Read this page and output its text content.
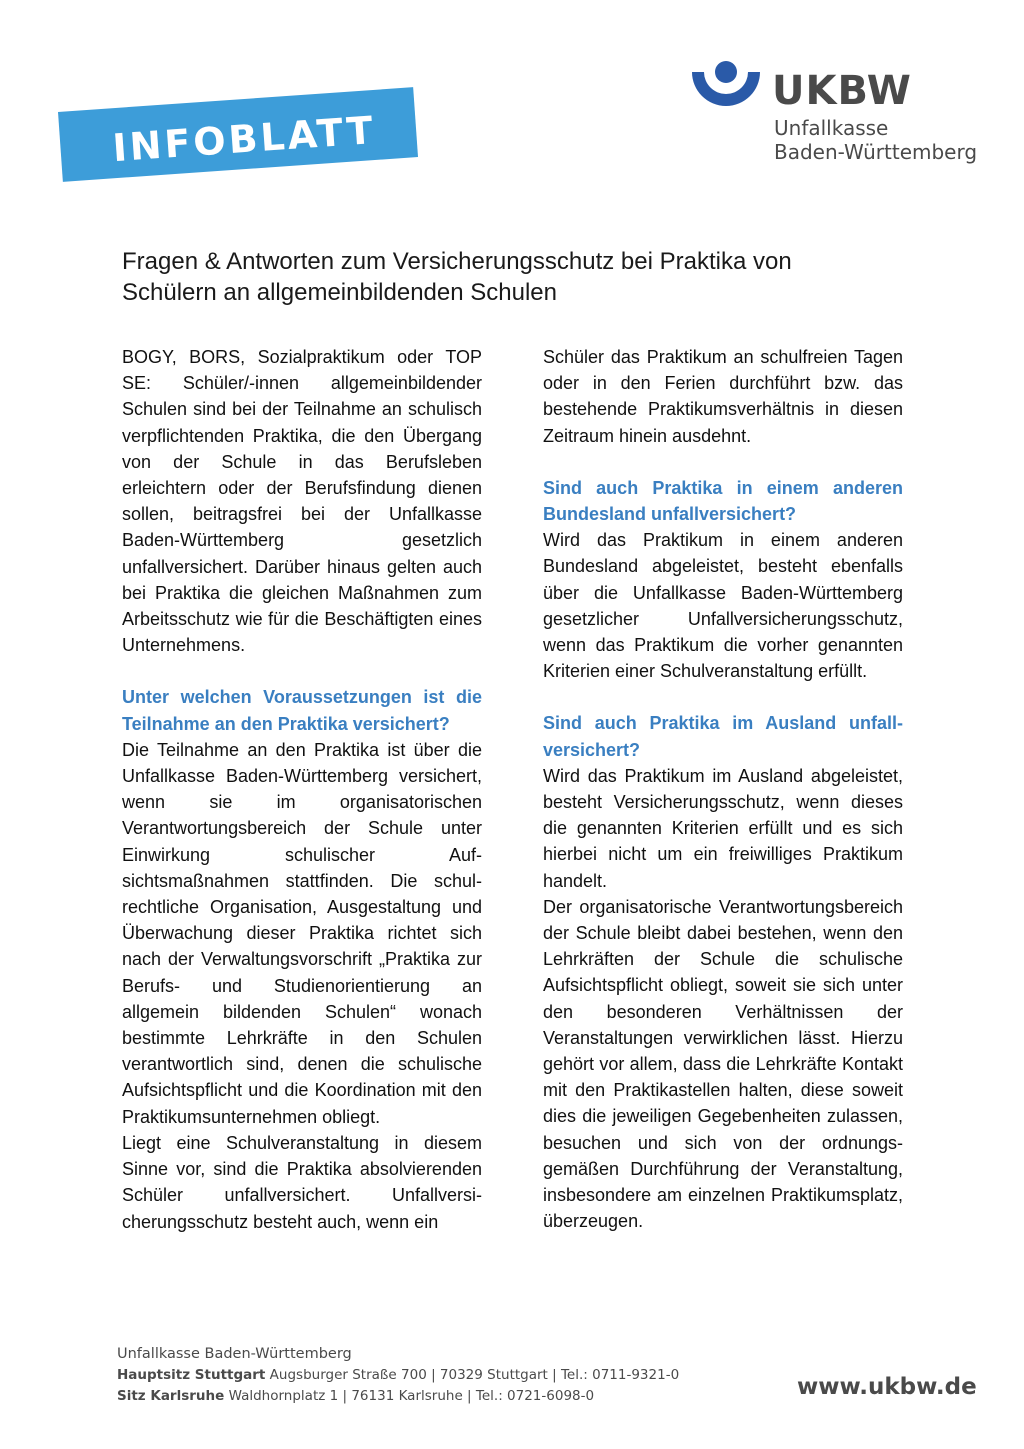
INFOBLATT
UKBW
Unfallkasse
Baden-Württemberg
Fragen & Antworten zum Versicherungsschutz bei Praktika von
Schülern an allgemeinbildenden Schulen

BOGY, BORS, Sozialpraktikum oder TOP SE: Schüler/-innen allgemeinbildender Schulen sind bei der Teilnahme an schulisch verpflichtenden Praktika, die den Übergang von der Schule in das Berufsleben erleichtern oder der Berufsfindung dienen sollen, beitragsfrei bei der Unfallkasse Baden-Württemberg gesetzlich unfallversichert. Darüber hinaus gelten auch bei Praktika die gleichen Maßnahmen zum Arbeitsschutz wie für die Beschäftigten eines Unternehmens.

Unter welchen Voraussetzungen ist die Teilnahme an den Praktika versichert?

Die Teilnahme an den Praktika ist über die Unfallkasse Baden-Württemberg versichert, wenn sie im organisatorischen Verantwortungsbereich der Schule unter Einwirkung schulischer Aufsichtsmaßnahmen stattfinden. Die schulrechtliche Organisation, Ausgestaltung und Überwachung dieser Praktika richtet sich nach der Verwaltungsvorschrift „Praktika zur Berufs- und Studienorientierung an allgemein bildenden Schulen“ wonach bestimmte Lehrkräfte in den Schulen verantwortlich sind, denen die schulische Aufsichtspflicht und die Koordination mit den Praktikumsunternehmen obliegt.

Liegt eine Schulveranstaltung in diesem Sinne vor, sind die Praktika absolvierenden Schüler unfallversichert. Unfallversicherungsschutz besteht auch, wenn ein

Schüler das Praktikum an schulfreien Tagen oder in den Ferien durchführt bzw. das bestehende Praktikumsverhältnis in diesen Zeitraum hinein ausdehnt.

Sind auch Praktika in einem anderen Bundesland unfallversichert?

Wird das Praktikum in einem anderen Bundesland abgeleistet, besteht ebenfalls über die Unfallkasse Baden-Württemberg gesetzlicher Unfallversicherungsschutz, wenn das Praktikum die vorher genannten Kriterien einer Schulveranstaltung erfüllt.

Sind auch Praktika im Ausland unfallversichert?

Wird das Praktikum im Ausland abgeleistet, besteht Versicherungsschutz, wenn dieses die genannten Kriterien erfüllt und es sich hierbei nicht um ein freiwilliges Praktikum handelt.

Der organisatorische Verantwortungsbereich der Schule bleibt dabei bestehen, wenn den Lehrkräften der Schule die schulische Aufsichtspflicht obliegt, soweit sie sich unter den besonderen Verhältnissen der Veranstaltungen verwirklichen lässt. Hierzu gehört vor allem, dass die Lehrkräfte Kontakt mit den Praktikastellen halten, diese soweit dies die jeweiligen Gegebenheiten zulassen, besuchen und sich von der ordnungsgemäßen Durchführung der Veranstaltung, insbesondere am einzelnen Praktikumsplatz, überzeugen.

Unfallkasse Baden-Württemberg
Hauptsitz Stuttgart Augsburger Straße 700 | 70329 Stuttgart | Tel.: 0711-9321-0
Sitz Karlsruhe Waldhornplatz 1 | 76131 Karlsruhe | Tel.: 0721-6098-0	www.ukbw.de
